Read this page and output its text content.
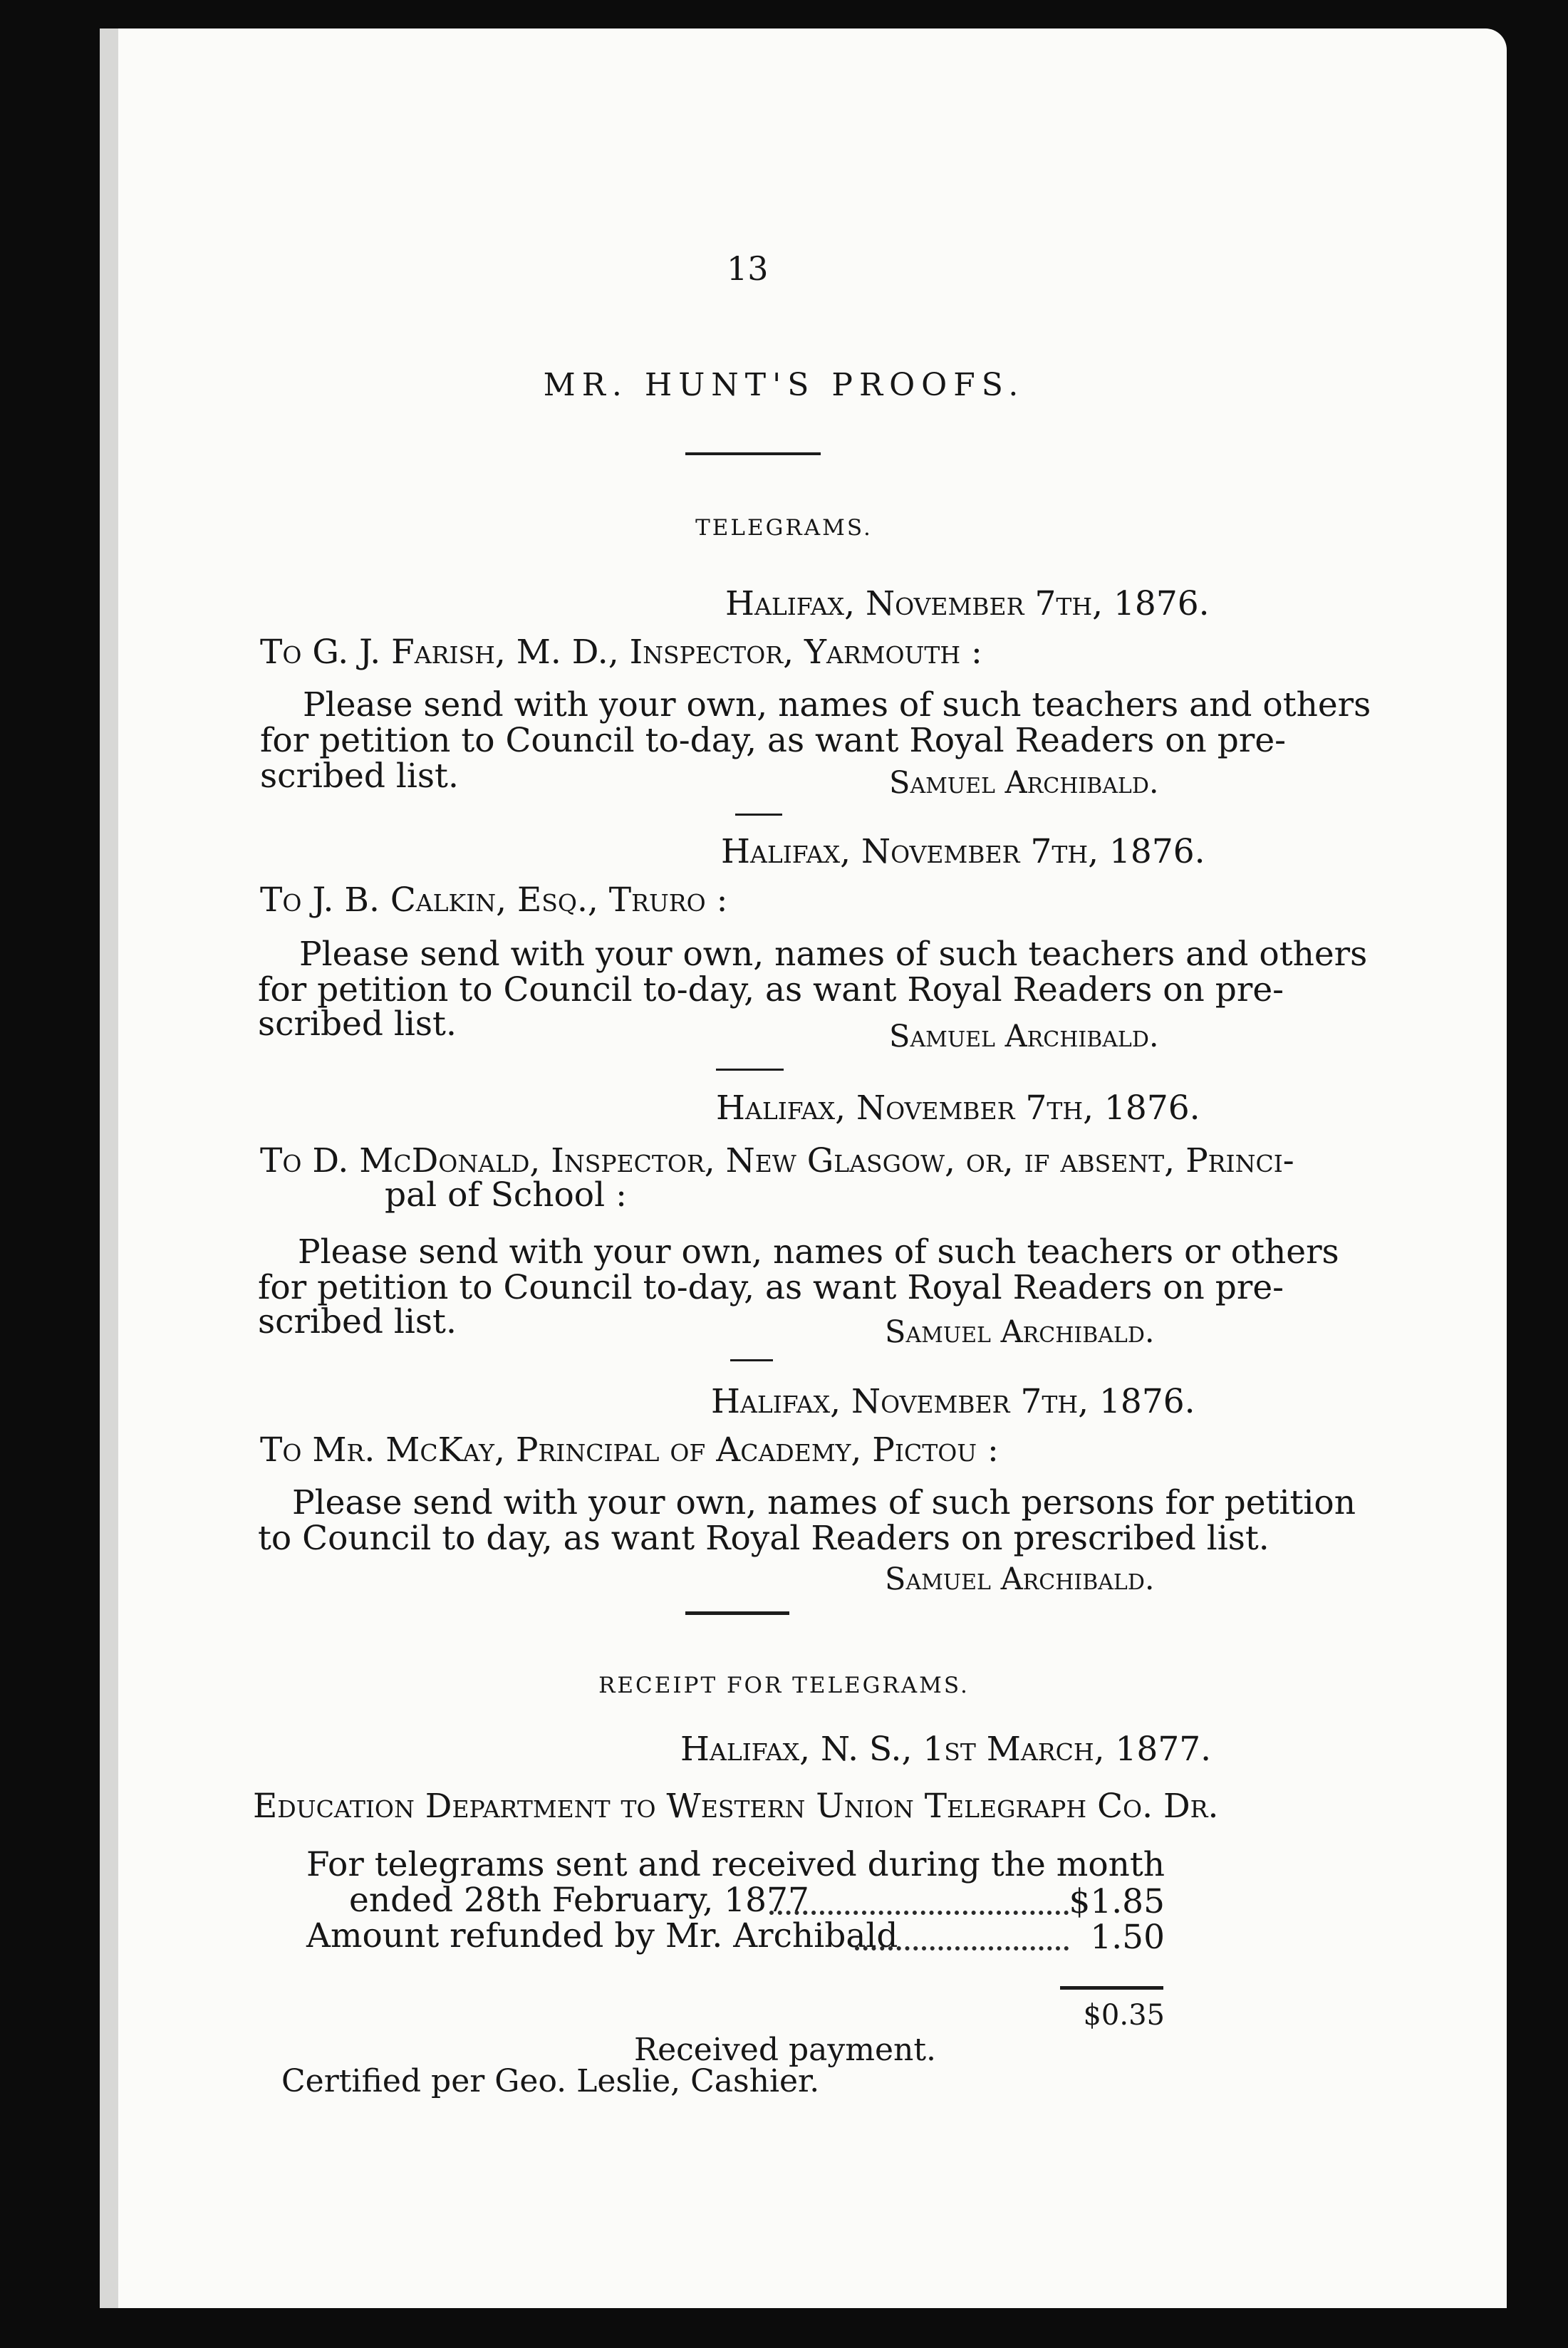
13
MR. HUNT'S PROOFS.
TELEGRAMS.
Halifax, November 7th, 1876.
To G. J. Farish, M. D., Inspector, Yarmouth :
Please send with your own, names of such teachers and others
for petition to Council to-day, as want Royal Readers on pre-
scribed list.	Samuel Archibald.
Halifax, November 7th, 1876.
To J. B. Calkin, Esq., Truro :
Please send with your own, names of such teachers and others
for petition to Council to-day, as want Royal Readers on pre-
scribed list.	Samuel Archibald.
Halifax, November 7th, 1876.
To D. McDonald, Inspector, New Glasgow, or, if absent, Princi-
pal of School :
Please send with your own, names of such teachers or others
for petition to Council to-day, as want Royal Readers on pre-
scribed list.	Samuel Archibald.
Halifax, November 7th, 1876.
To Mr. McKay, Principal of Academy, Pictou :
Please send with your own, names of such persons for petition
to Council to day, as want Royal Readers on prescribed list.
Samuel Archibald.
RECEIPT FOR TELEGRAMS.
Halifax, N. S., 1st March, 1877.
Education Department to Western Union Telegraph Co. Dr.
For telegrams sent and received during the month
ended 28th February, 1877	$1.85
Amount refunded by Mr. Archibald	1.50
$0.35
Received payment.
Certified per Geo. Leslie, Cashier.
